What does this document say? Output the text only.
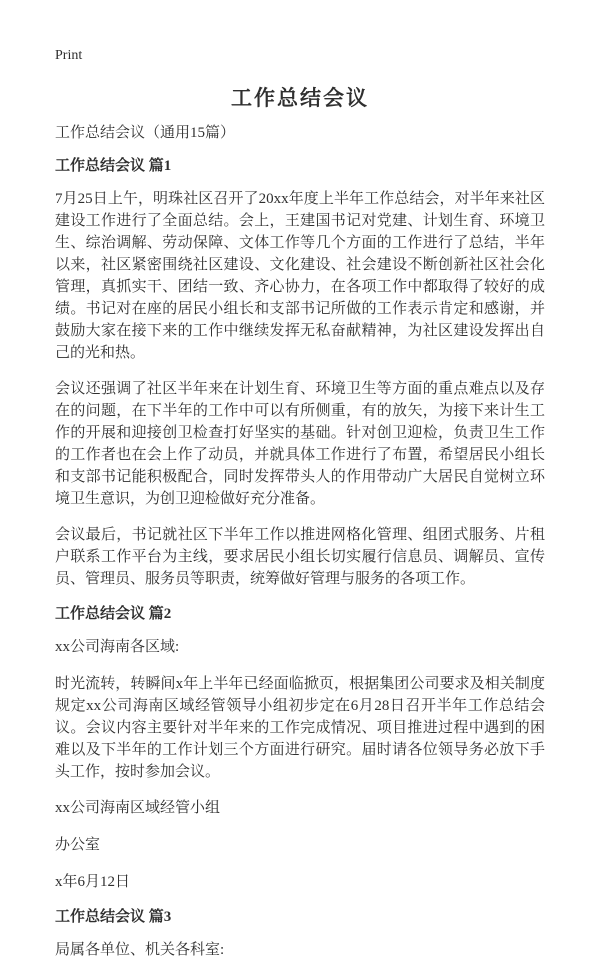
Print
工作总结会议
工作总结会议（通用15篇）
工作总结会议 篇1

7月25日上午，明珠社区召开了20xx年度上半年工作总结会，对半年来社区建设工作进行了全面总结。会上，王建国书记对党建、计划生育、环境卫生、综治调解、劳动保障、文体工作等几个方面的工作进行了总结，半年以来，社区紧密围绕社区建设、文化建设、社会建设不断创新社区社会化管理，真抓实干、团结一致、齐心协力，在各项工作中都取得了较好的成绩。书记对在座的居民小组长和支部书记所做的工作表示肯定和感谢，并鼓励大家在接下来的工作中继续发挥无私奋献精神，为社区建设发挥出自己的光和热。

会议还强调了社区半年来在计划生育、环境卫生等方面的重点难点以及存在的问题，在下半年的工作中可以有所侧重，有的放矢，为接下来计生工作的开展和迎接创卫检查打好坚实的基础。针对创卫迎检，负责卫生工作的工作者也在会上作了动员，并就具体工作进行了布置，希望居民小组长和支部书记能积极配合，同时发挥带头人的作用带动广大居民自觉树立环境卫生意识，为创卫迎检做好充分准备。

会议最后，书记就社区下半年工作以推进网格化管理、组团式服务、片租户联系工作平台为主线，要求居民小组长切实履行信息员、调解员、宣传员、管理员、服务员等职责，统筹做好管理与服务的各项工作。

工作总结会议 篇2

xx公司海南各区域:

时光流转，转瞬间x年上半年已经面临掀页，根据集团公司要求及相关制度规定xx公司海南区域经管领导小组初步定在6月28日召开半年工作总结会议。会议内容主要针对半年来的工作完成情况、项目推进过程中遇到的困难以及下半年的工作计划三个方面进行研究。届时请各位领导务必放下手头工作，按时参加会议。

xx公司海南区域经管小组

办公室

x年6月12日

工作总结会议 篇3

局属各单位、机关各科室:
